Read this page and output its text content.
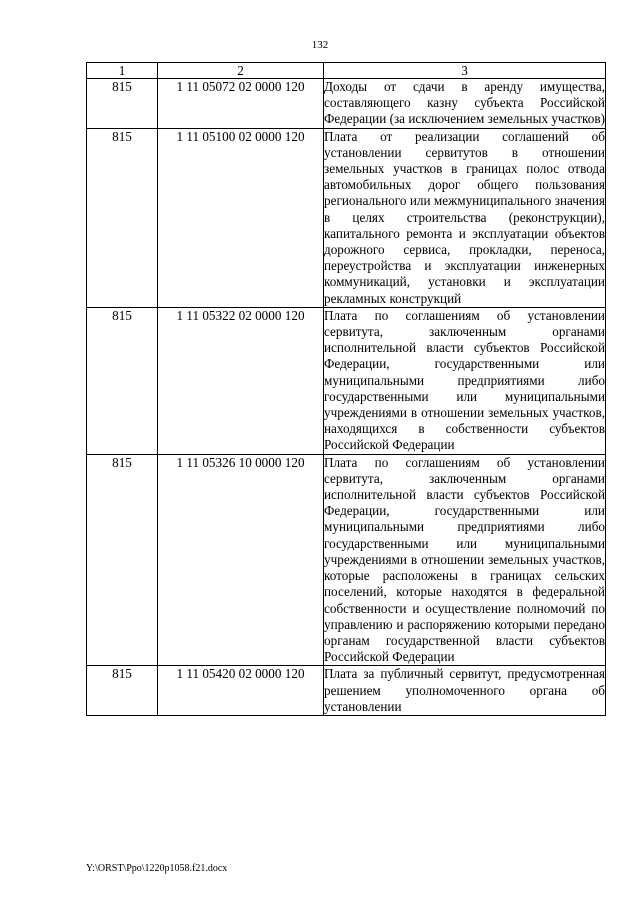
132
1	2	3
815	1 11 05072 02 0000 120	Доходы от сдачи в аренду имущества, составляющего казну субъекта Российской Федерации (за исключением земельных участков)
815	1 11 05100 02 0000 120	Плата от реализации соглашений об установлении сервитутов в отношении земельных участков в границах полос отвода автомобильных дорог общего пользования регионального или межмуниципального значения в целях строительства (реконструкции), капитального ремонта и эксплуатации объектов дорожного сервиса, прокладки, переноса, переустройства и эксплуатации инженерных коммуникаций, установки и эксплуатации рекламных конструкций
815	1 11 05322 02 0000 120	Плата по соглашениям об установлении сервитута, заключенным органами исполнительной власти субъектов Российской Федерации, государственными или муниципальными предприятиями либо государственными или муниципальными учреждениями в отношении земельных участков, находящихся в собственности субъектов Российской Федерации
815	1 11 05326 10 0000 120	Плата по соглашениям об установлении сервитута, заключенным органами исполнительной власти субъектов Российской Федерации, государственными или муниципальными предприятиями либо государственными или муниципальными учреждениями в отношении земельных участков, которые расположены в границах сельских поселений, которые находятся в федеральной собственности и осуществление полномочий по управлению и распоряжению которыми передано органам государственной власти субъектов Российской Федерации
815	1 11 05420 02 0000 120	Плата за публичный сервитут, предусмотренная решением уполномоченного органа об установлении
Y:\ORST\Ppo\1220p1058.f21.docx
